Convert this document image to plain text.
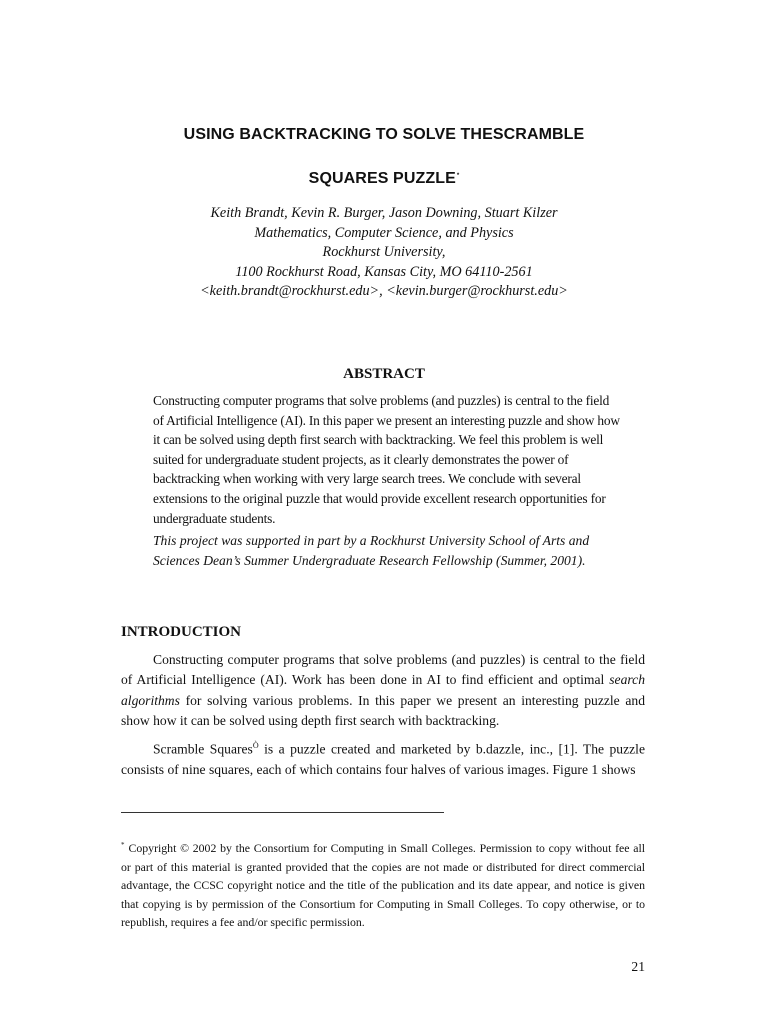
USING BACKTRACKING TO SOLVE THESCRAMBLE
SQUARES PUZZLE*
Keith Brandt, Kevin R. Burger, Jason Downing, Stuart Kilzer
Mathematics, Computer Science, and Physics
Rockhurst University,
1100 Rockhurst Road, Kansas City, MO 64110-2561
<keith.brandt@rockhurst.edu>, <kevin.burger@rockhurst.edu>
ABSTRACT

Constructing computer programs that solve problems (and puzzles) is central to the field of Artificial Intelligence (AI). In this paper we present an interesting puzzle and show how it can be solved using depth first search with backtracking. We feel this problem is well suited for undergraduate student projects, as it clearly demonstrates the power of backtracking when working with very large search trees. We conclude with several extensions to the original puzzle that would provide excellent research opportunities for undergraduate students.

This project was supported in part by a Rockhurst University School of Arts and Sciences Dean’s Summer Undergraduate Research Fellowship (Summer, 2001).

INTRODUCTION

Constructing computer programs that solve problems (and puzzles) is central to the field of Artificial Intelligence (AI). Work has been done in AI to find efficient and optimal search algorithms for solving various problems. In this paper we present an interesting puzzle and show how it can be solved using depth first search with backtracking.

Scramble Squares$^Ò$ is a puzzle created and marketed by b.dazzle, inc., [1]. The puzzle consists of nine squares, each of which contains four halves of various images. Figure 1 shows

* Copyright © 2002 by the Consortium for Computing in Small Colleges. Permission to copy without fee all or part of this material is granted provided that the copies are not made or distributed for direct commercial advantage, the CCSC copyright notice and the title of the publication and its date appear, and notice is given that copying is by permission of the Consortium for Computing in Small Colleges. To copy otherwise, or to republish, requires a fee and/or specific permission.
21
